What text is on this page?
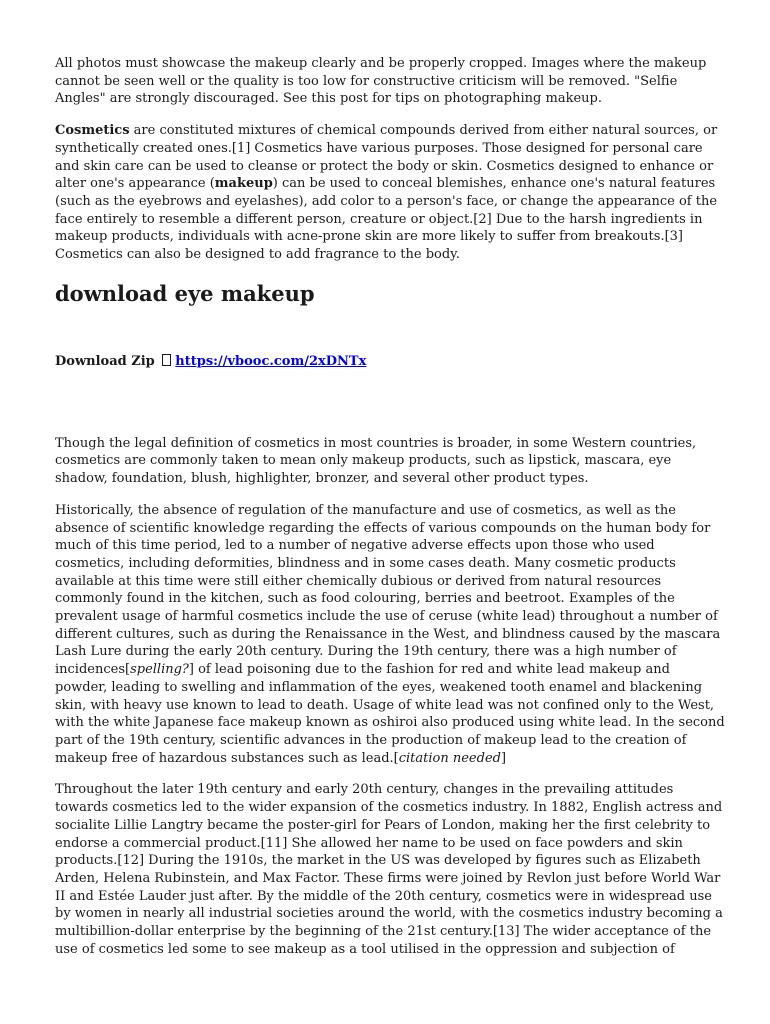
All photos must showcase the makeup clearly and be properly cropped. Images where the makeup cannot be seen well or the quality is too low for constructive criticism will be removed. "Selfie Angles" are strongly discouraged. See this post for tips on photographing makeup.

Cosmetics are constituted mixtures of chemical compounds derived from either natural sources, or synthetically created ones.[1] Cosmetics have various purposes. Those designed for personal care and skin care can be used to cleanse or protect the body or skin. Cosmetics designed to enhance or alter one's appearance (makeup) can be used to conceal blemishes, enhance one's natural features (such as the eyebrows and eyelashes), add color to a person's face, or change the appearance of the face entirely to resemble a different person, creature or object.[2] Due to the harsh ingredients in makeup products, individuals with acne-prone skin are more likely to suffer from breakouts.[3] Cosmetics can also be designed to add fragrance to the body.

download eye makeup
Download Zip https://vbooc.com/2xDNTx

Though the legal definition of cosmetics in most countries is broader, in some Western countries, cosmetics are commonly taken to mean only makeup products, such as lipstick, mascara, eye shadow, foundation, blush, highlighter, bronzer, and several other product types.

Historically, the absence of regulation of the manufacture and use of cosmetics, as well as the absence of scientific knowledge regarding the effects of various compounds on the human body for much of this time period, led to a number of negative adverse effects upon those who used cosmetics, including deformities, blindness and in some cases death. Many cosmetic products available at this time were still either chemically dubious or derived from natural resources commonly found in the kitchen, such as food colouring, berries and beetroot. Examples of the prevalent usage of harmful cosmetics include the use of ceruse (white lead) throughout a number of different cultures, such as during the Renaissance in the West, and blindness caused by the mascara Lash Lure during the early 20th century. During the 19th century, there was a high number of incidences[spelling?] of lead poisoning due to the fashion for red and white lead makeup and powder, leading to swelling and inflammation of the eyes, weakened tooth enamel and blackening skin, with heavy use known to lead to death. Usage of white lead was not confined only to the West, with the white Japanese face makeup known as oshiroi also produced using white lead. In the second part of the 19th century, scientific advances in the production of makeup lead to the creation of makeup free of hazardous substances such as lead.[citation needed]

Throughout the later 19th century and early 20th century, changes in the prevailing attitudes towards cosmetics led to the wider expansion of the cosmetics industry. In 1882, English actress and socialite Lillie Langtry became the poster-girl for Pears of London, making her the first celebrity to endorse a commercial product.[11] She allowed her name to be used on face powders and skin products.[12] During the 1910s, the market in the US was developed by figures such as Elizabeth Arden, Helena Rubinstein, and Max Factor. These firms were joined by Revlon just before World War II and Estée Lauder just after. By the middle of the 20th century, cosmetics were in widespread use by women in nearly all industrial societies around the world, with the cosmetics industry becoming a multibillion-dollar enterprise by the beginning of the 21st century.[13] The wider acceptance of the use of cosmetics led some to see makeup as a tool utilised in the oppression and subjection of
